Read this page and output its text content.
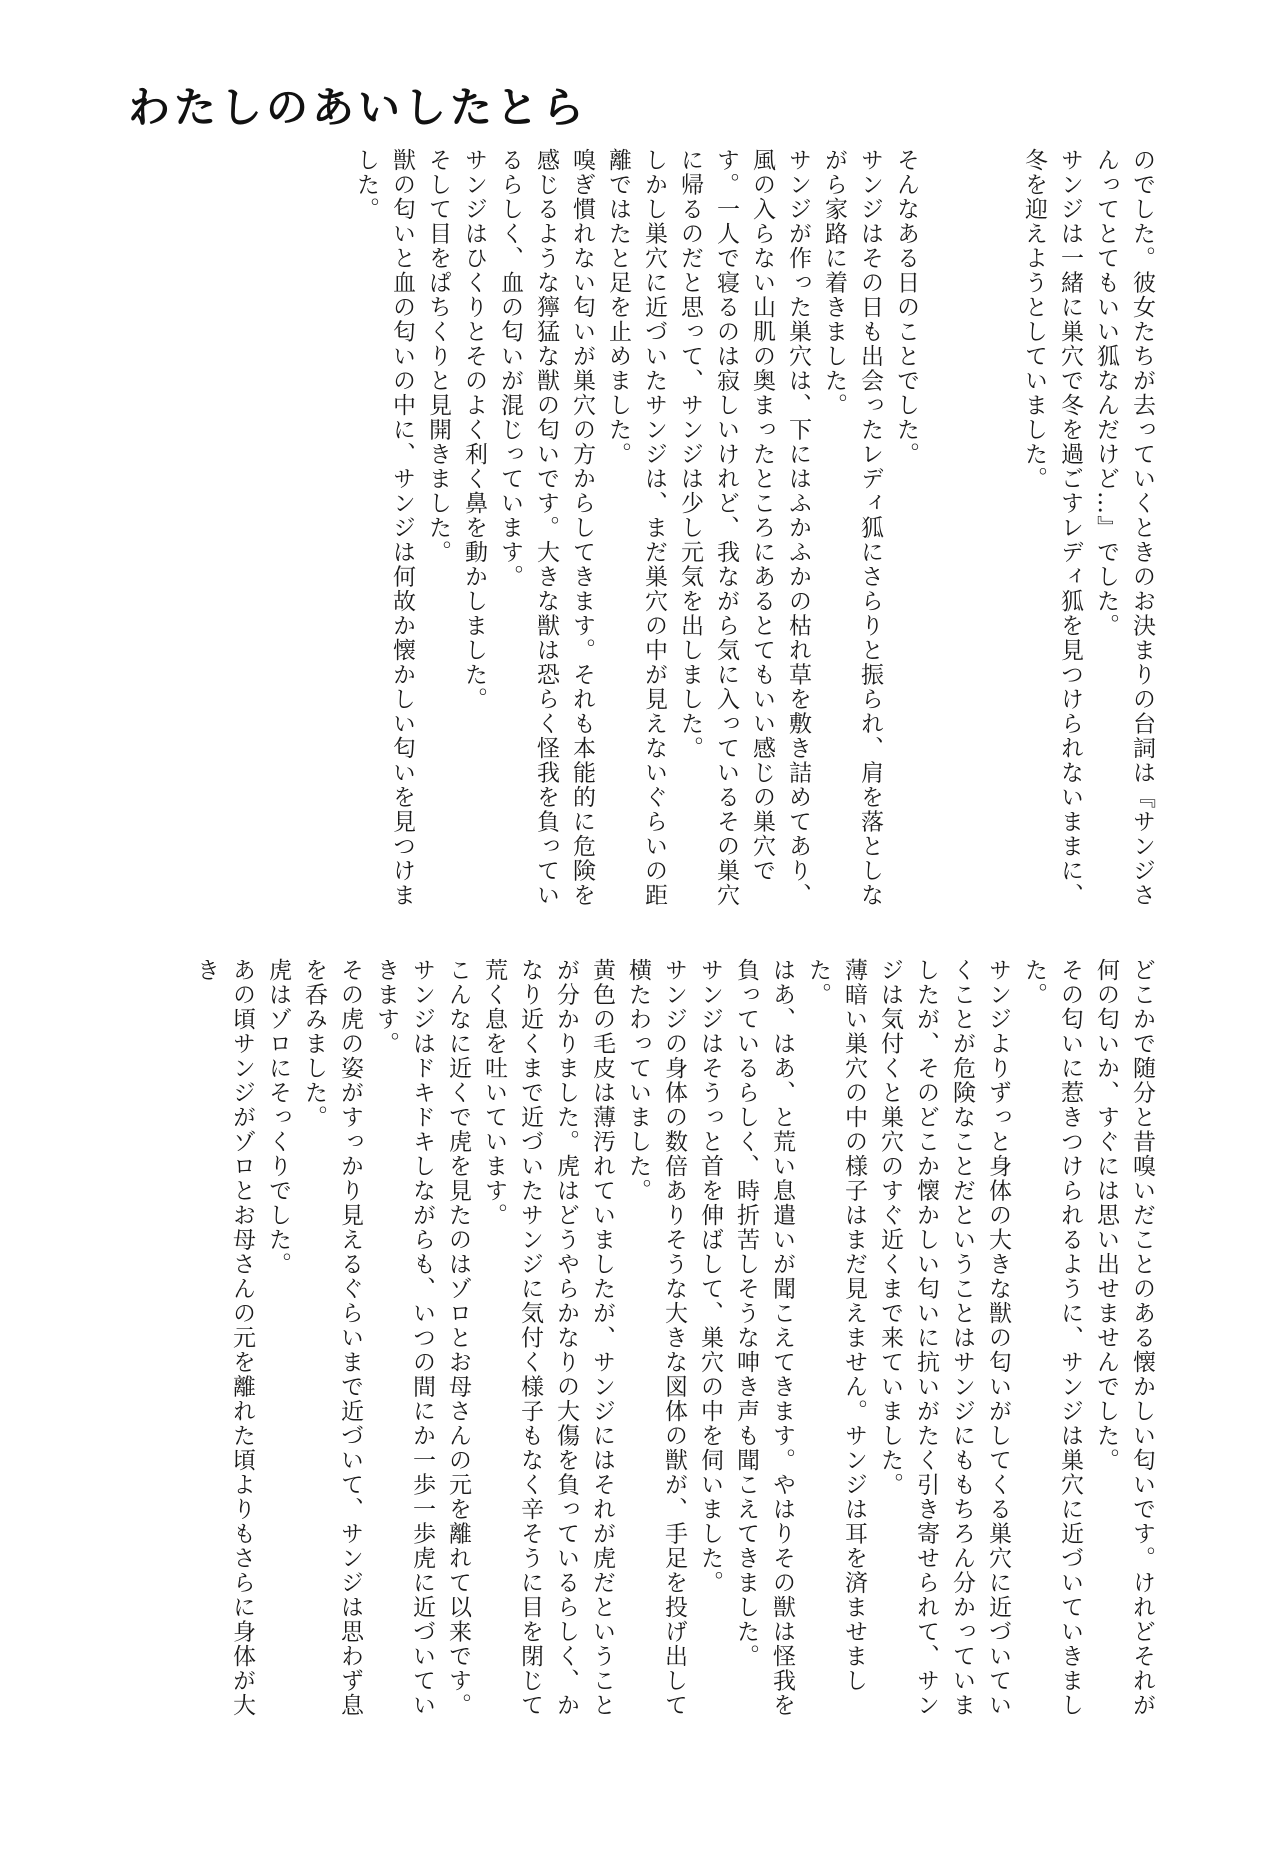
わたしのあいしたとら

のでした。彼女たちが去っていくときのお決まりの台詞は『サンジさんってとてもいい狐なんだけど…』でした。

サンジは一緒に巣穴で冬を過ごすレディ狐を見つけられないままに、冬を迎えようとしていました。

そんなある日のことでした。

サンジはその日も出会ったレディ狐にさらりと振られ、肩を落としながら家路に着きました。

サンジが作った巣穴は、下にはふかふかの枯れ草を敷き詰めてあり、風の入らない山肌の奥まったところにあるとてもいい感じの巣穴です。一人で寝るのは寂しいけれど、我ながら気に入っているその巣穴に帰るのだと思って、サンジは少し元気を出しました。

しかし巣穴に近づいたサンジは、まだ巣穴の中が見えないぐらいの距離ではたと足を止めました。

嗅ぎ慣れない匂いが巣穴の方からしてきます。それも本能的に危険を感じるような獰猛な獣の匂いです。大きな獣は恐らく怪我を負っているらしく、血の匂いが混じっています。

サンジはひくりとそのよく利く鼻を動かしました。

そして目をぱちくりと見開きました。

獣の匂いと血の匂いの中に、サンジは何故か懐かしい匂いを見つけました。

どこかで随分と昔嗅いだことのある懐かしい匂いです。けれどそれが何の匂いか、すぐには思い出せませんでした。

その匂いに惹きつけられるように、サンジは巣穴に近づいていきました。

サンジよりずっと身体の大きな獣の匂いがしてくる巣穴に近づいていくことが危険なことだということはサンジにももちろん分かっていましたが、そのどこか懐かしい匂いに抗いがたく引き寄せられて、サンジは気付くと巣穴のすぐ近くまで来ていました。

薄暗い巣穴の中の様子はまだ見えません。サンジは耳を済ませました。

はあ、はあ、と荒い息遣いが聞こえてきます。やはりその獣は怪我を負っているらしく、時折苦しそうな呻き声も聞こえてきました。

サンジはそうっと首を伸ばして、巣穴の中を伺いました。

サンジの身体の数倍ありそうな大きな図体の獣が、手足を投げ出して横たわっていました。

黄色の毛皮は薄汚れていましたが、サンジにはそれが虎だということが分かりました。虎はどうやらかなりの大傷を負っているらしく、かなり近くまで近づいたサンジに気付く様子もなく辛そうに目を閉じて荒く息を吐いています。

こんなに近くで虎を見たのはゾロとお母さんの元を離れて以来です。サンジはドキドキしながらも、いつの間にか一歩一歩虎に近づいていきます。

その虎の姿がすっかり見えるぐらいまで近づいて、サンジは思わず息を呑みました。

虎はゾロにそっくりでした。

あの頃サンジがゾロとお母さんの元を離れた頃よりもさらに身体が大き
